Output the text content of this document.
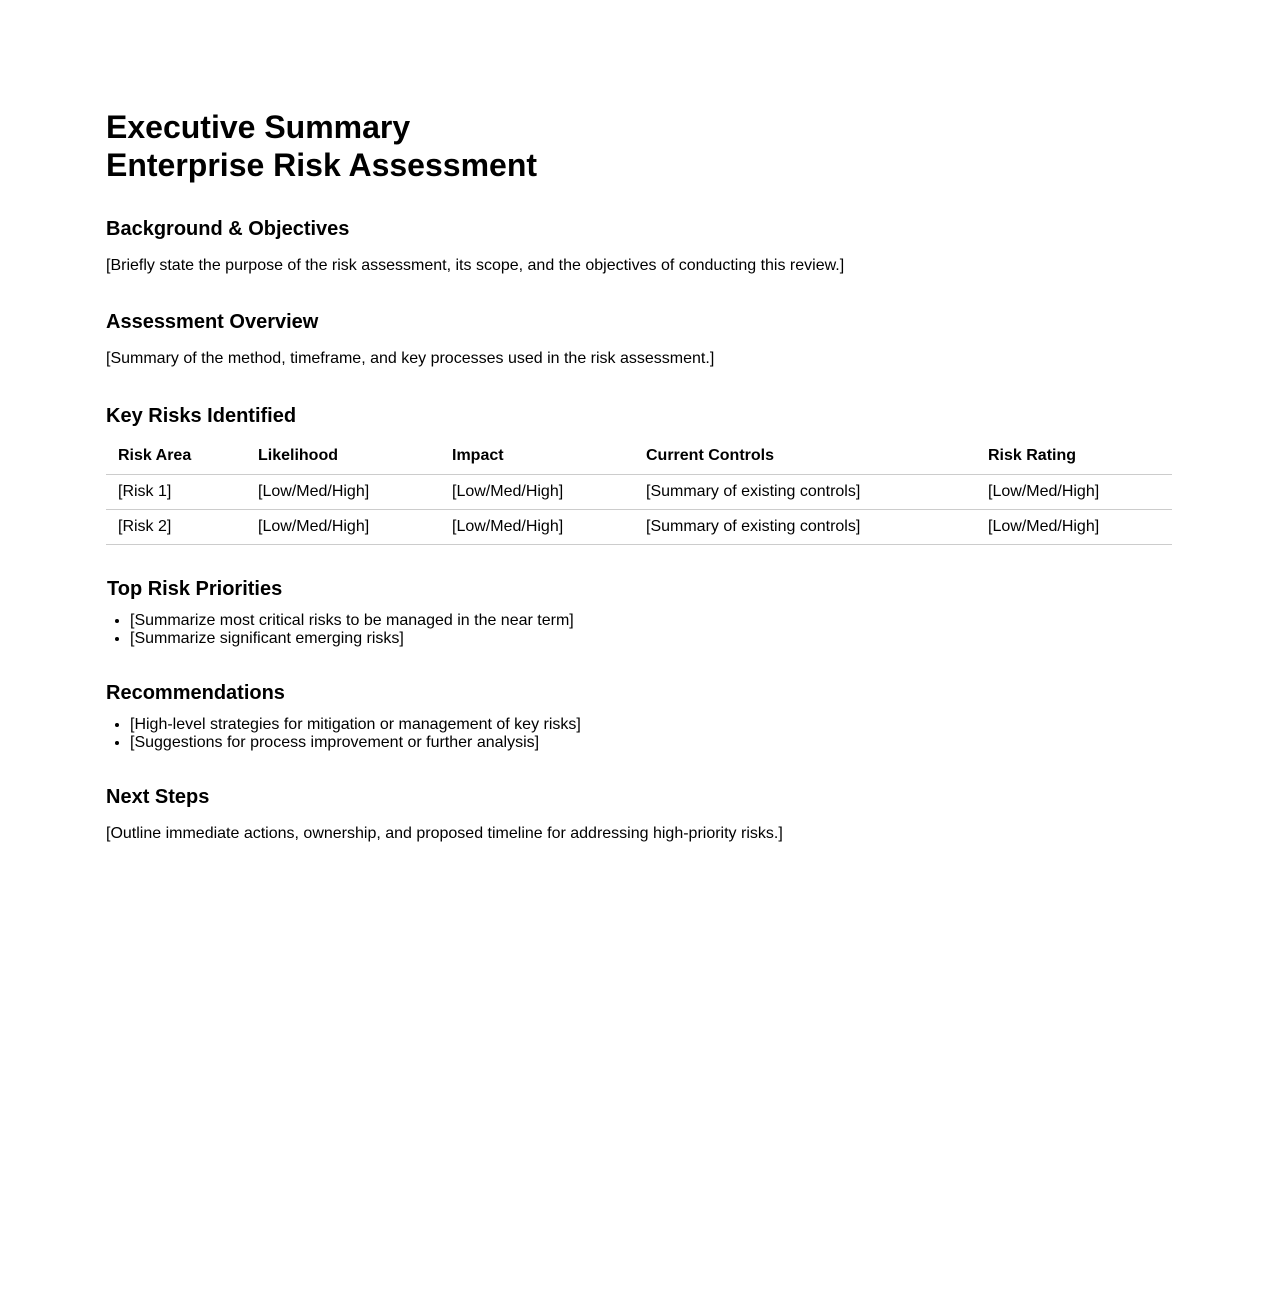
Executive Summary
Enterprise Risk Assessment
Background & Objectives

[Briefly state the purpose of the risk assessment, its scope, and the objectives of conducting this review.]

Assessment Overview

[Summary of the method, timeframe, and key processes used in the risk assessment.]

Key Risks Identified
Risk Area	Likelihood	Impact	Current Controls	Risk Rating
[Risk 1]	[Low/Med/High]	[Low/Med/High]	[Summary of existing controls]	[Low/Med/High]
[Risk 2]	[Low/Med/High]	[Low/Med/High]	[Summary of existing controls]	[Low/Med/High]
Top Risk Priorities
• [Summarize most critical risks to be managed in the near term]
• [Summarize significant emerging risks]
Recommendations
• [High-level strategies for mitigation or management of key risks]
• [Suggestions for process improvement or further analysis]
Next Steps

[Outline immediate actions, ownership, and proposed timeline for addressing high-priority risks.]
